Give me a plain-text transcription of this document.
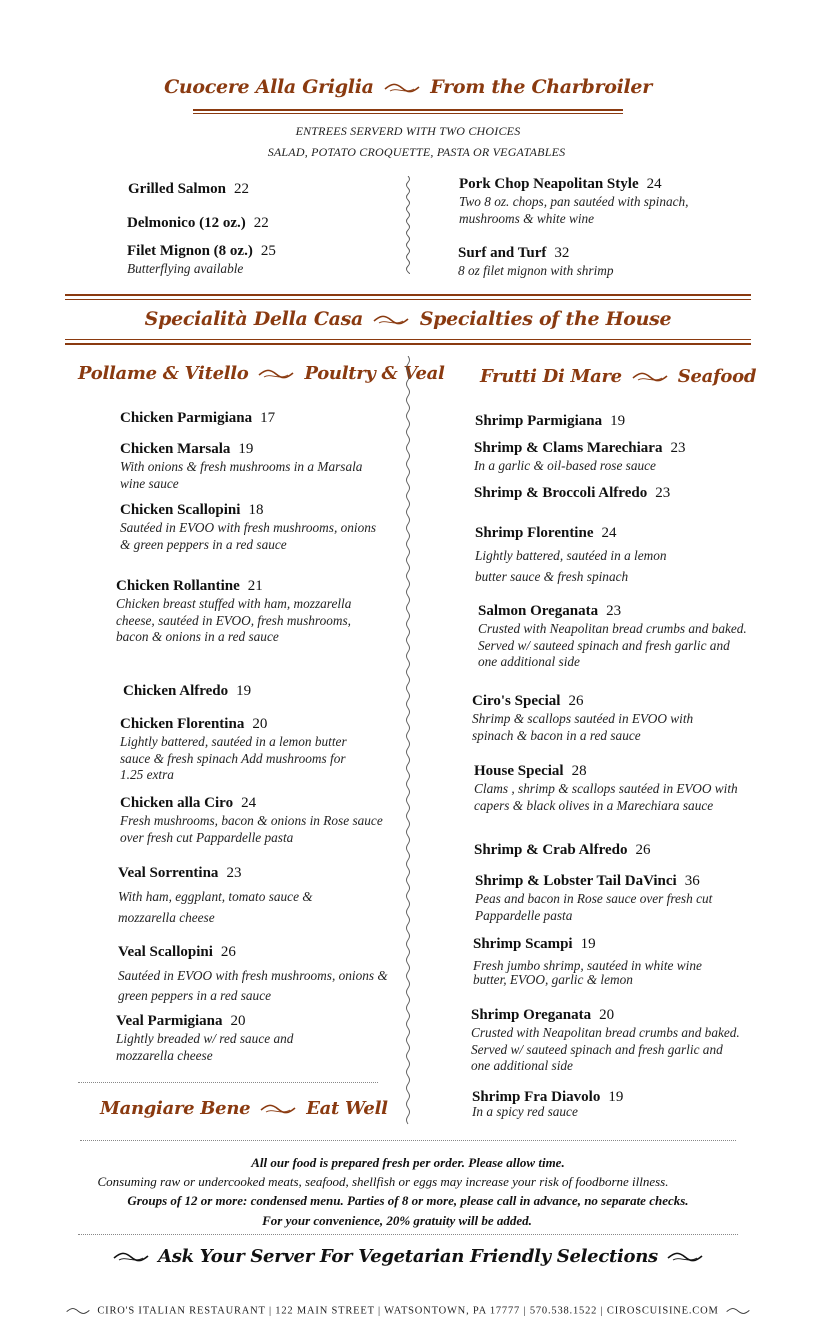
Cuocere Alla Griglia	From the Charbroiler
ENTREES SERVERD WITH TWO CHOICES
SALAD, POTATO CROQUETTE, PASTA OR VEGATABLES
Grilled Salmon 22
Delmonico (12 oz.) 22
Filet Mignon (8 oz.) 25
Butterflying available
Pork Chop Neapolitan Style 24
Two 8 oz. chops, pan sautéed with spinach, mushrooms & white wine
Surf and Turf 32
8 oz filet mignon with shrimp
Specialità Della Casa	Specialties of the House
Pollame & Vitello	Poultry & Veal
Chicken Parmigiana 17
Chicken Marsala 19
With onions & fresh mushrooms in a Marsala wine sauce
Chicken Scallopini 18
Sautéed in EVOO with fresh mushrooms, onions & green peppers in a red sauce
Chicken Rollantine 21
Chicken breast stuffed with ham, mozzarella cheese, sautéed in EVOO, fresh mushrooms, bacon & onions in a red sauce
Chicken Alfredo 19
Chicken Florentina 20
Lightly battered, sautéed in a lemon butter sauce & fresh spinach Add mushrooms for 1.25 extra
Chicken alla Ciro 24
Fresh mushrooms, bacon & onions in Rose sauce over fresh cut Pappardelle pasta
Veal Sorrentina 23
With ham, eggplant, tomato sauce & mozzarella cheese
Veal Scallopini 26
Sautéed in EVOO with fresh mushrooms, onions & green peppers in a red sauce
Veal Parmigiana 20
Lightly breaded w/ red sauce and mozzarella cheese
Mangiare Bene	Eat Well
Frutti Di Mare	Seafood
Shrimp Parmigiana 19
Shrimp & Clams Marechiara 23
In a garlic & oil-based rose sauce
Shrimp & Broccoli Alfredo 23
Shrimp Florentine 24
Lightly battered, sautéed in a lemon butter sauce & fresh spinach
Salmon Oreganata 23
Crusted with Neapolitan bread crumbs and baked. Served w/ sauteed spinach and fresh garlic and one additional side
Ciro's Special 26
Shrimp & scallops sautéed in EVOO with spinach & bacon in a red sauce
House Special 28
Clams , shrimp & scallops sautéed in EVOO with capers & black olives in a Marechiara sauce
Shrimp & Crab Alfredo 26
Shrimp & Lobster Tail DaVinci 36
Peas and bacon in Rose sauce over fresh cut Pappardelle pasta
Shrimp Scampi 19
Fresh jumbo shrimp, sautéed in white wine butter, EVOO, garlic & lemon
Shrimp Oreganata 20
Crusted with Neapolitan bread crumbs and baked. Served w/ sauteed spinach and fresh garlic and one additional side
Shrimp Fra Diavolo 19
In a spicy red sauce
All our food is prepared fresh per order. Please allow time.
Consuming raw or undercooked meats, seafood, shellfish or eggs may increase your risk of foodborne illness.
Groups of 12 or more: condensed menu. Parties of 8 or more, please call in advance, no separate checks.
For your convenience, 20% gratuity will be added.
Ask Your Server For Vegetarian Friendly Selections
CIRO'S ITALIAN RESTAURANT | 122 MAIN STREET | WATSONTOWN, PA 17777 | 570.538.1522 | CIROSCUISINE.COM
